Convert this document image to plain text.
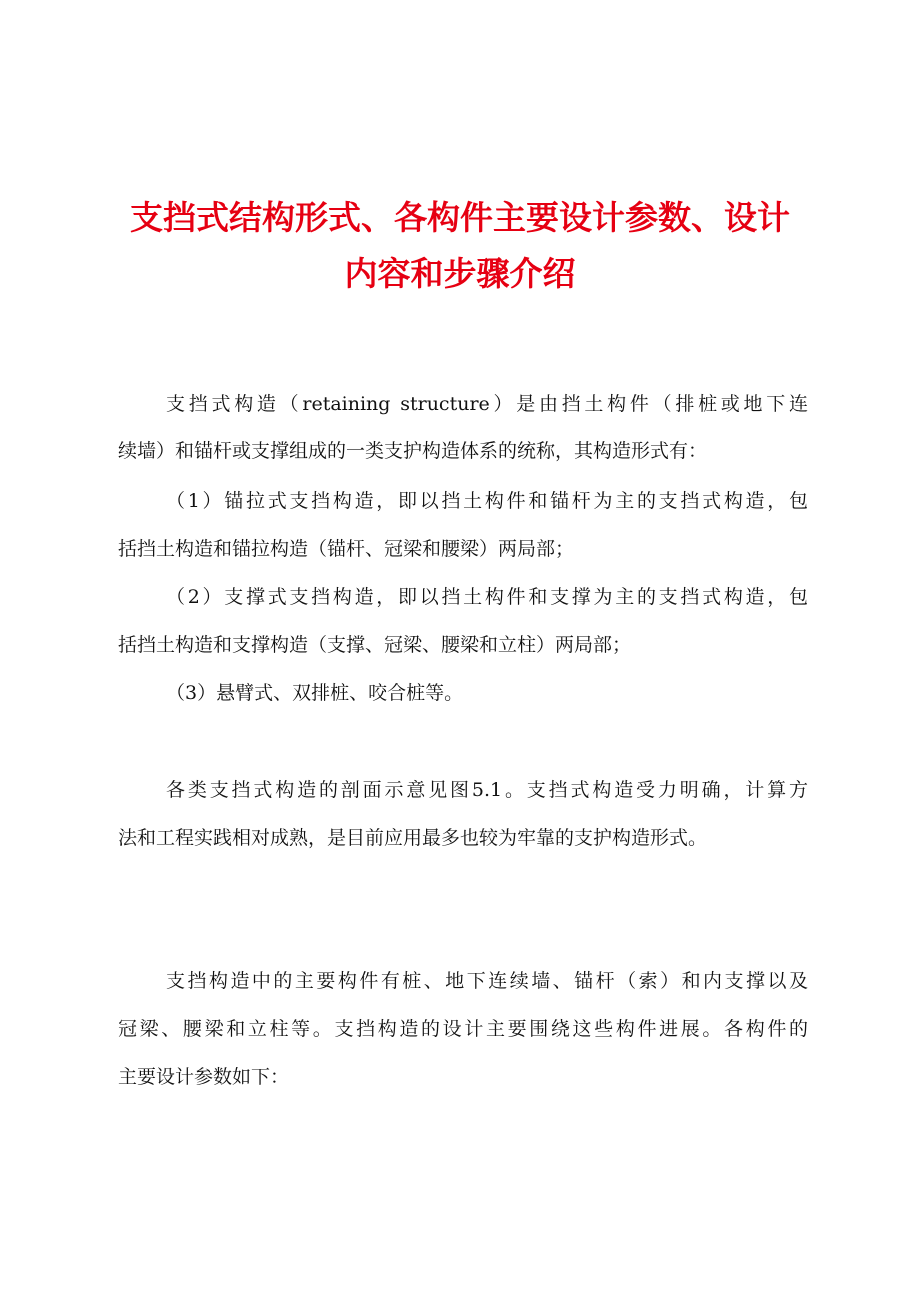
支挡式结构形式、各构件主要设计参数、设计
内容和步骤介绍

支挡式构造（retaining structure）是由挡土构件（排桩或地下连

续墙）和锚杆或支撑组成的一类支护构造体系的统称，其构造形式有：

（1）锚拉式支挡构造，即以挡土构件和锚杆为主的支挡式构造，包

括挡土构造和锚拉构造（锚杆、冠梁和腰梁）两局部；

（2）支撑式支挡构造，即以挡土构件和支撑为主的支挡式构造，包

括挡土构造和支撑构造（支撑、冠梁、腰梁和立柱）两局部；

（3）悬臂式、双排桩、咬合桩等。

各类支挡式构造的剖面示意见图5.1。支挡式构造受力明确，计算方

法和工程实践相对成熟，是目前应用最多也较为牢靠的支护构造形式。

支挡构造中的主要构件有桩、地下连续墙、锚杆（索）和内支撑以及

冠梁、腰梁和立柱等。支挡构造的设计主要围绕这些构件进展。各构件的

主要设计参数如下：
